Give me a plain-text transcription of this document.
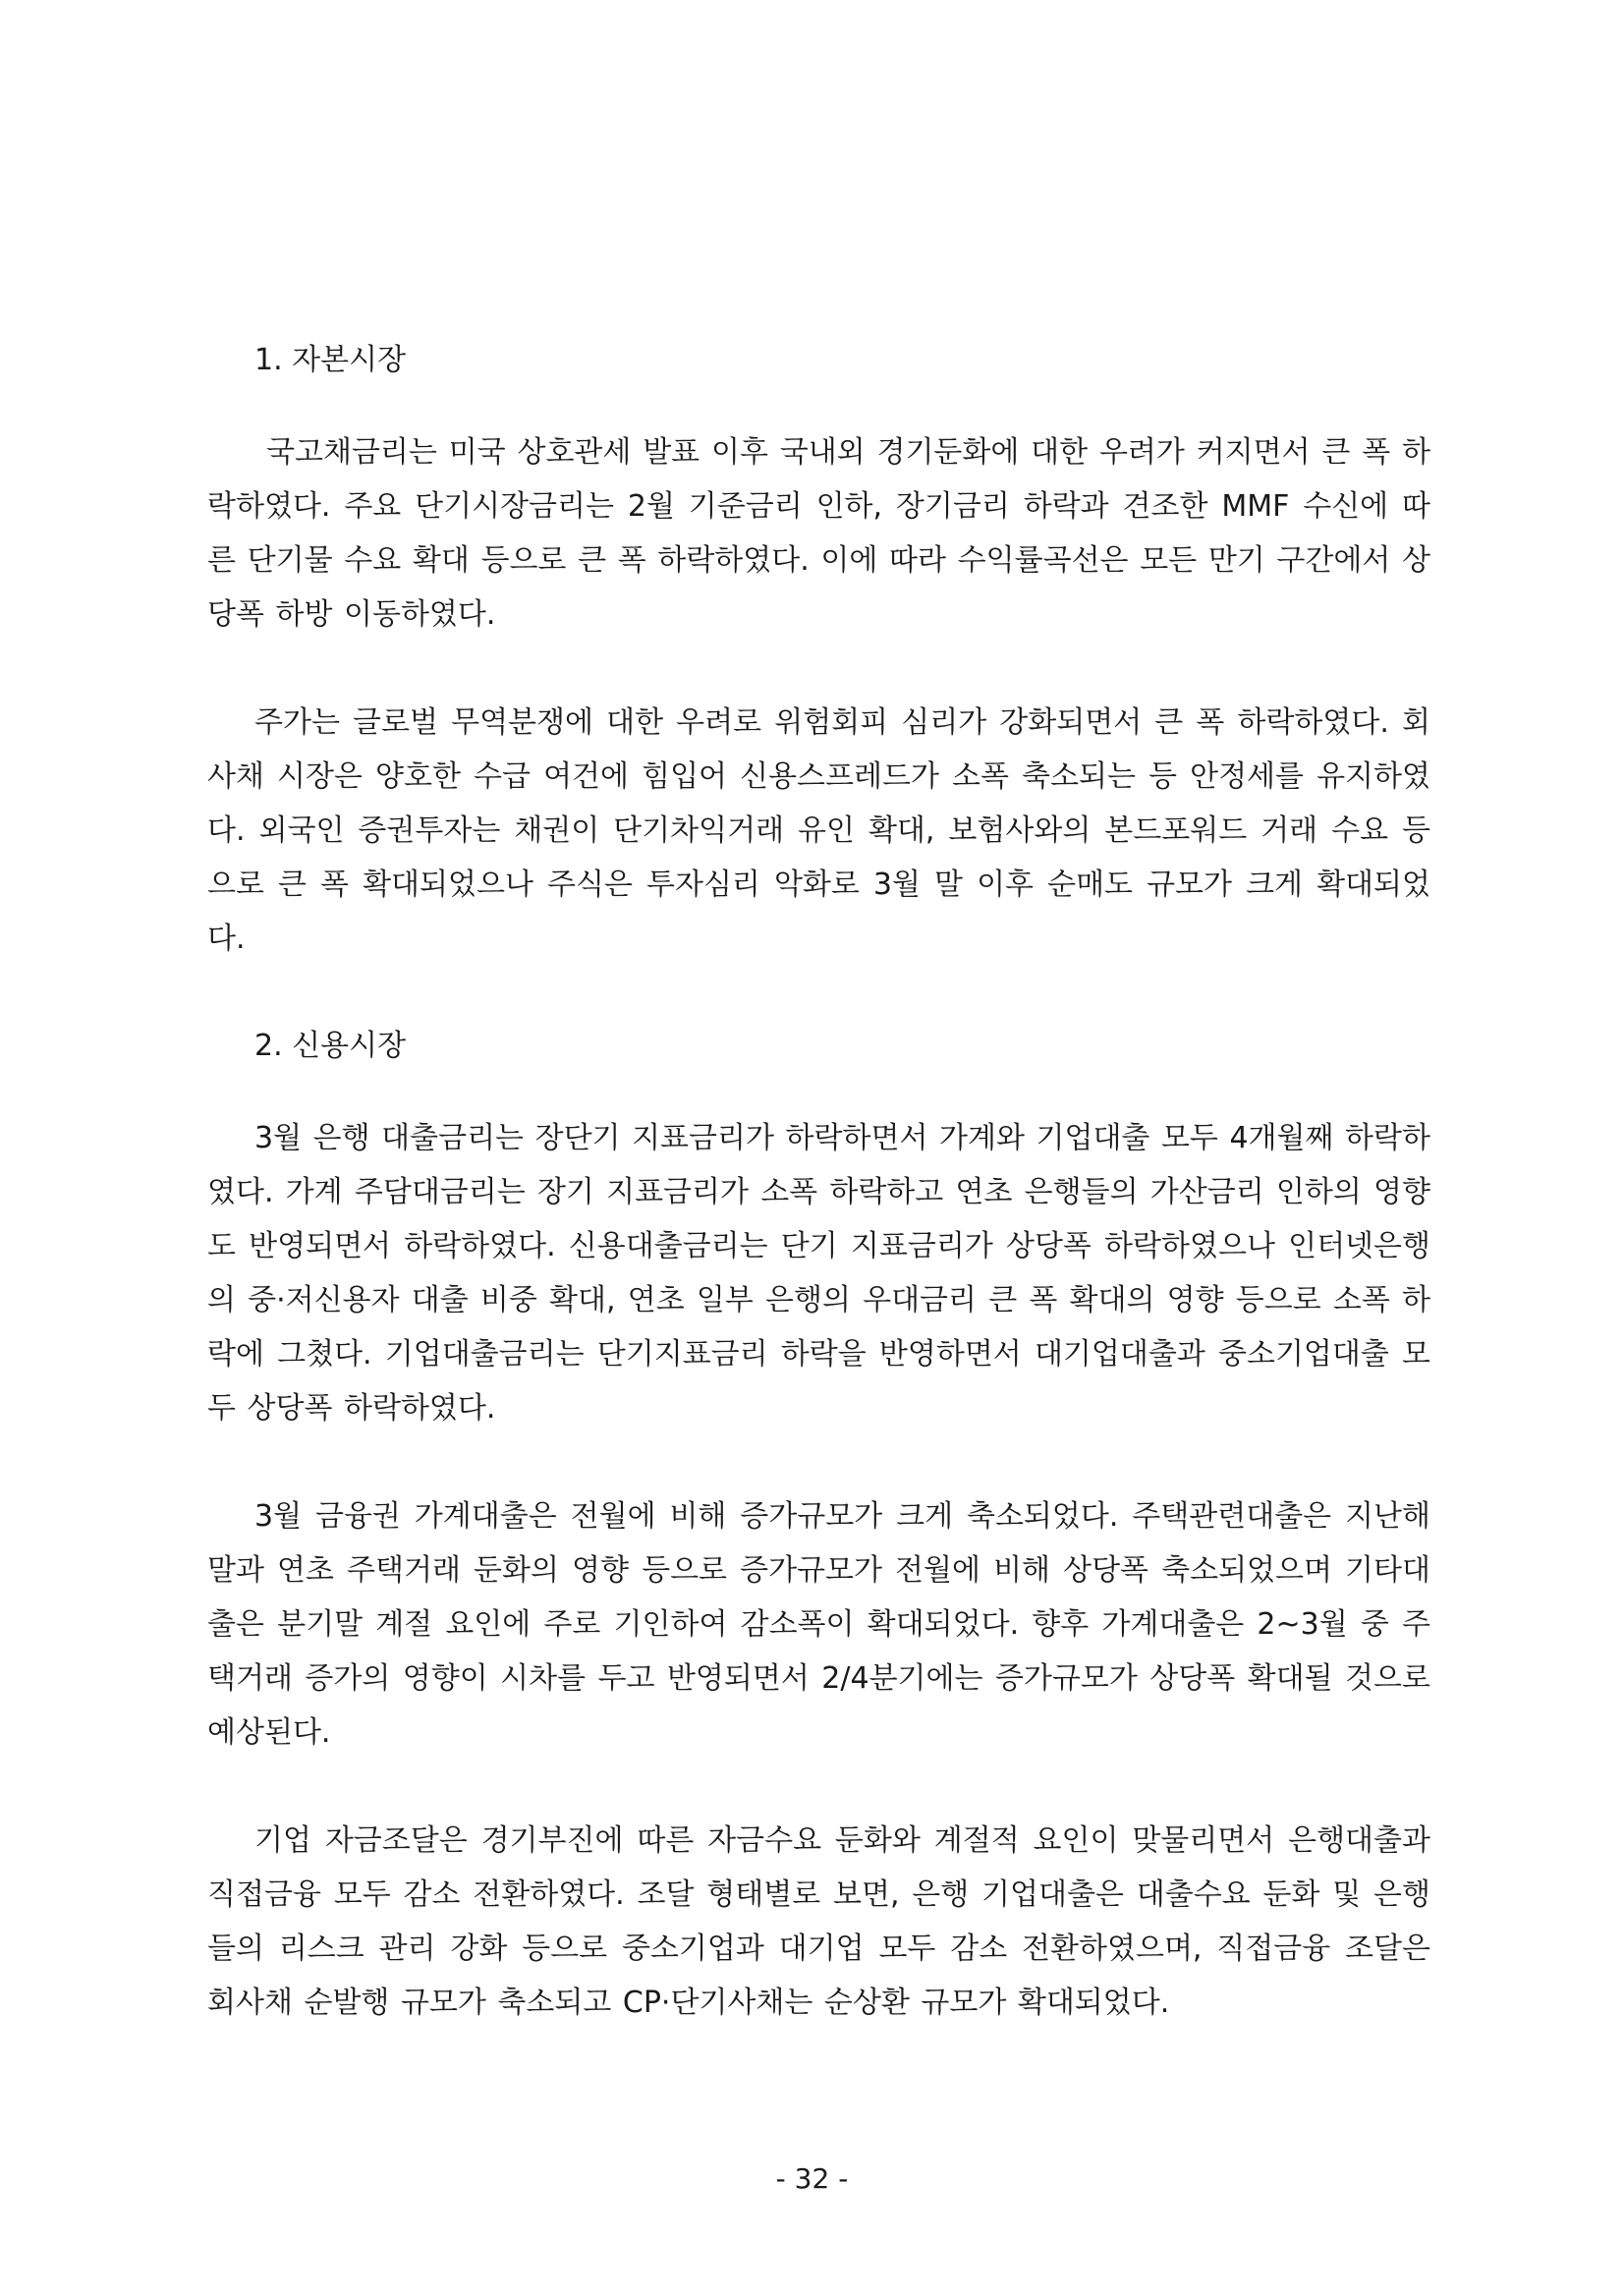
1. 자본시장

국고채금리는 미국 상호관세 발표 이후 국내외 경기둔화에 대한 우려가 커지면서 큰 폭 하락하였다. 주요 단기시장금리는 2월 기준금리 인하, 장기금리 하락과 견조한 MMF 수신에 따른 단기물 수요 확대 등으로 큰 폭 하락하였다. 이에 따라 수익률곡선은 모든 만기 구간에서 상당폭 하방 이동하였다.

주가는 글로벌 무역분쟁에 대한 우려로 위험회피 심리가 강화되면서 큰 폭 하락하였다. 회사채 시장은 양호한 수급 여건에 힘입어 신용스프레드가 소폭 축소되는 등 안정세를 유지하였다. 외국인 증권투자는 채권이 단기차익거래 유인 확대, 보험사와의 본드포워드 거래 수요 등으로 큰 폭 확대되었으나 주식은 투자심리 악화로 3월 말 이후 순매도 규모가 크게 확대되었다.

2. 신용시장

3월 은행 대출금리는 장단기 지표금리가 하락하면서 가계와 기업대출 모두 4개월째 하락하였다. 가계 주담대금리는 장기 지표금리가 소폭 하락하고 연초 은행들의 가산금리 인하의 영향도 반영되면서 하락하였다. 신용대출금리는 단기 지표금리가 상당폭 하락하였으나 인터넷은행의 중·저신용자 대출 비중 확대, 연초 일부 은행의 우대금리 큰 폭 확대의 영향 등으로 소폭 하락에 그쳤다. 기업대출금리는 단기지표금리 하락을 반영하면서 대기업대출과 중소기업대출 모두 상당폭 하락하였다.

3월 금융권 가계대출은 전월에 비해 증가규모가 크게 축소되었다. 주택관련대출은 지난해 말과 연초 주택거래 둔화의 영향 등으로 증가규모가 전월에 비해 상당폭 축소되었으며 기타대출은 분기말 계절 요인에 주로 기인하여 감소폭이 확대되었다. 향후 가계대출은 2~3월 중 주택거래 증가의 영향이 시차를 두고 반영되면서 2/4분기에는 증가규모가 상당폭 확대될 것으로 예상된다.

기업 자금조달은 경기부진에 따른 자금수요 둔화와 계절적 요인이 맞물리면서 은행대출과 직접금융 모두 감소 전환하였다. 조달 형태별로 보면, 은행 기업대출은 대출수요 둔화 및 은행들의 리스크 관리 강화 등으로 중소기업과 대기업 모두 감소 전환하였으며, 직접금융 조달은 회사채 순발행 규모가 축소되고 CP·단기사채는 순상환 규모가 확대되었다.

- 32 -
